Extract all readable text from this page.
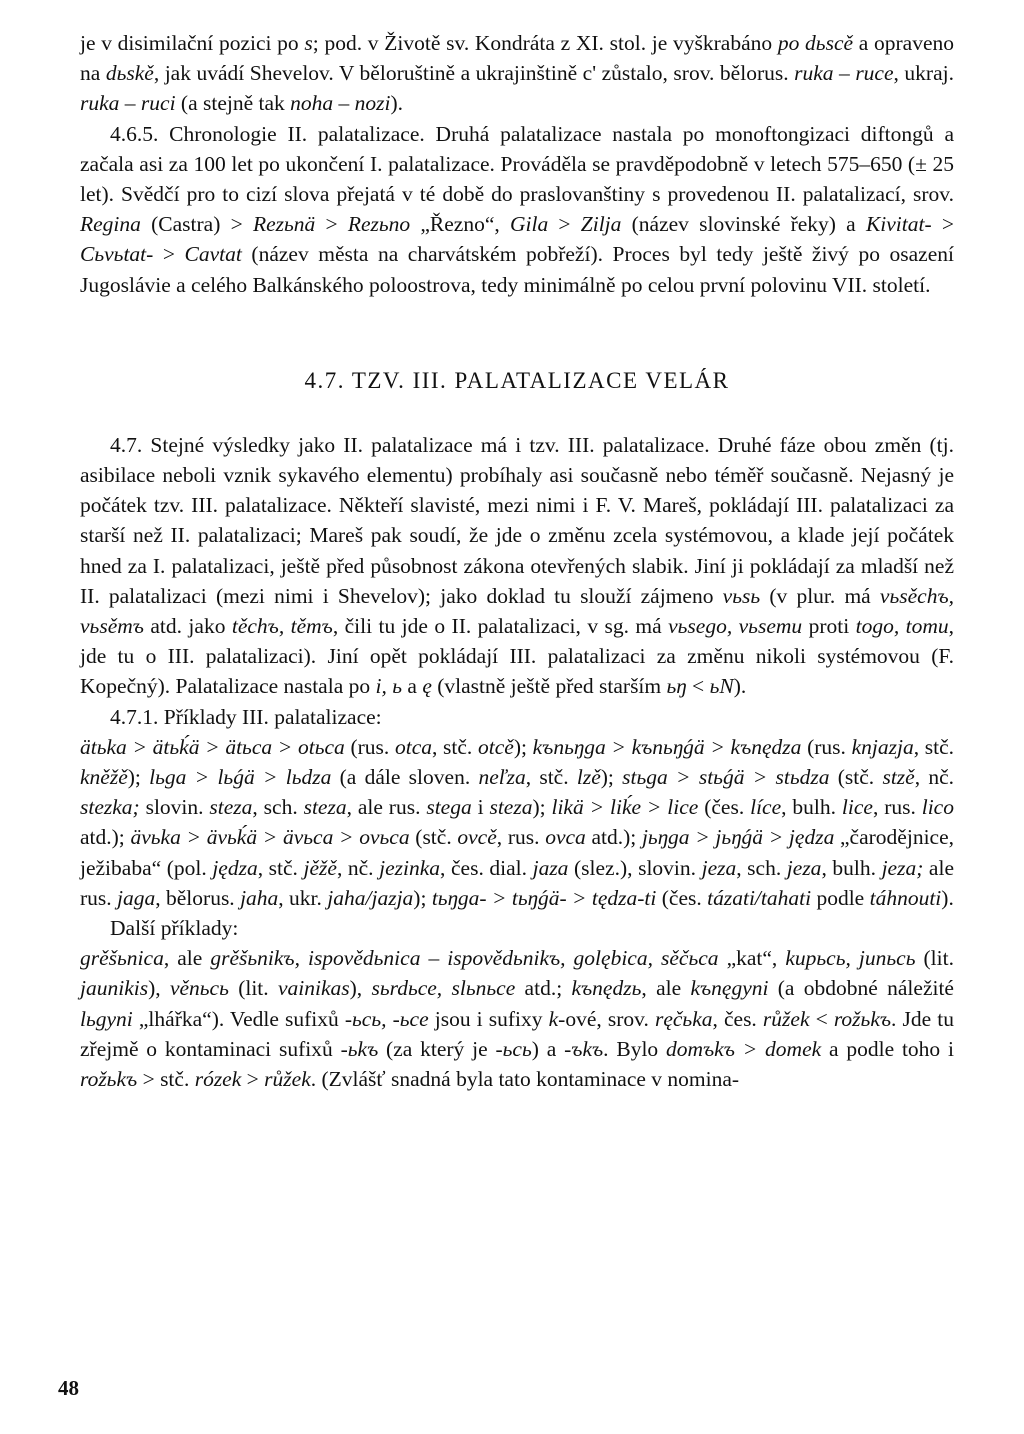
je v disimilační pozici po s; pod. v Životě sv. Kondráta z XI. stol. je vyškrabáno po dьscě a opraveno na dьskě, jak uvádí Shevelov. V běloruštině a ukrajinštině c' zůstalo, srov. bělorus. ruka – ruce, ukraj. ruka – ruci (a stejně tak noha – nozi).

4.6.5. Chronologie II. palatalizace. Druhá palatalizace nastala po monoftongizaci diftongů a začala asi za 100 let po ukončení I. palatalizace. Prováděla se pravděpodobně v letech 575–650 (± 25 let). Svědčí pro to cizí slova přejatá v té době do praslovanštiny s provedenou II. palatalizací, srov. Regina (Castra) > Rezьnä > Rezьno „Řezno“, Gila > Zilja (název slovinské řeky) a Kivitat- > Cьvьtat- > Cavtat (název města na charvátském pobřeží). Proces byl tedy ještě živý po osazení Jugoslávie a celého Balkánského poloostrova, tedy minimálně po celou první polovinu VII. století.

4.7. TZV. III. PALATALIZACE VELÁR

4.7. Stejné výsledky jako II. palatalizace má i tzv. III. palatalizace. Druhé fáze obou změn (tj. asibilace neboli vznik sykavého elementu) probíhaly asi současně nebo téměř současně. Nejasný je počátek tzv. III. palatalizace. Někteří slavisté, mezi nimi i F. V. Mareš, pokládají III. palatalizaci za starší než II. palatalizaci; Mareš pak soudí, že jde o změnu zcela systémovou, a klade její počátek hned za I. palatalizaci, ještě před působnost zákona otevřených slabik. Jiní ji pokládají za mladší než II. palatalizaci (mezi nimi i Shevelov); jako doklad tu slouží zájmeno vьsь (v plur. má vьsěchъ, vьsěmъ atd. jako těchъ, těmъ, čili tu jde o II. palatalizaci, v sg. má vьsego, vьsemu proti togo, tomu, jde tu o III. palatalizaci). Jiní opět pokládají III. palatalizaci za změnu nikoli systémovou (F. Kopečný). Palatalizace nastala po i, ь a ę (vlastně ještě před starším ьŋ < ьN).

4.7.1. Příklady III. palatalizace:

ätьka > ätьḱä > ätьca > otьca (rus. otca, stč. otcě); kъnьŋga > kъnьŋǵä > kъnędza (rus. knjazja, stč. kněžě); lьga > lьǵä > lьdza (a dále sloven. neľza, stč. lzě); stьga > stьǵä > stьdza (stč. stzě, nč. stezka; slovin. steza, sch. steza, ale rus. stega i steza); likä > liḱe > lice (čes. líce, bulh. lice, rus. lico atd.); ävьka > ävьḱä > ävьca > ovьca (stč. ovcě, rus. ovca atd.); jьŋga > jьŋǵä > jędza „čarodějnice, ježibaba“ (pol. jędza, stč. jěžě, nč. jezinka, čes. dial. jaza (slez.), slovin. jeza, sch. jeza, bulh. jeza; ale rus. jaga, bělorus. jaha, ukr. jaha/jazja); tьŋga- > tьŋǵä- > tędza-ti (čes. tázati/tahati podle táhnouti).

Další příklady:

grěšьnica, ale grěšьnikъ, ispovědьnica – ispovědьnikъ, golębica, sěčьca „kat“, kupьcь, junьcь (lit. jaunikis), věnьcь (lit. vainikas), sьrdьce, slьnьce atd.; kъnędzь, ale kъnęgyni (a obdobné náležité lьgyni „lhářka“). Vedle sufixů -ьcь, -ьce jsou i sufixy k-ové, srov. ręčьka, čes. růžek < rožьkъ. Jde tu zřejmě o kontaminaci sufixů -ьkъ (za který je -ьcь) a -ъkъ. Bylo domъkъ > domek a podle toho i rožьkъ > stč. rózek > růžek. (Zvlášť snadná byla tato kontaminace v nomina-

48
